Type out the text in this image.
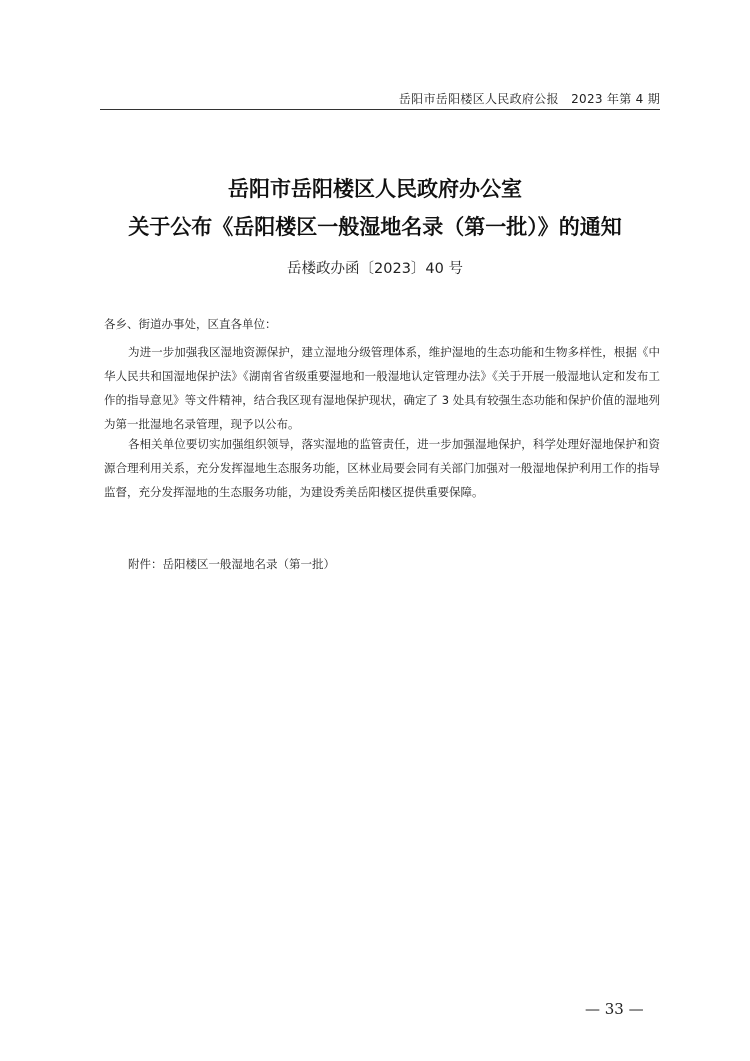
岳阳市岳阳楼区人民政府公报　2023 年第 4 期
岳阳市岳阳楼区人民政府办公室
关于公布《岳阳楼区一般湿地名录（第一批）》的通知
岳楼政办函〔2023〕40 号
各乡、街道办事处，区直各单位：

为进一步加强我区湿地资源保护，建立湿地分级管理体系，维护湿地的生态功能和生物多样性，根据《中华人民共和国湿地保护法》《湖南省省级重要湿地和一般湿地认定管理办法》《关于开展一般湿地认定和发布工作的指导意见》等文件精神，结合我区现有湿地保护现状，确定了 3 处具有较强生态功能和保护价值的湿地列为第一批湿地名录管理，现予以公布。

各相关单位要切实加强组织领导，落实湿地的监管责任，进一步加强湿地保护，科学处理好湿地保护和资源合理利用关系，充分发挥湿地生态服务功能，区林业局要会同有关部门加强对一般湿地保护利用工作的指导监督，充分发挥湿地的生态服务功能，为建设秀美岳阳楼区提供重要保障。

附件：岳阳楼区一般湿地名录（第一批）
— 33 —
